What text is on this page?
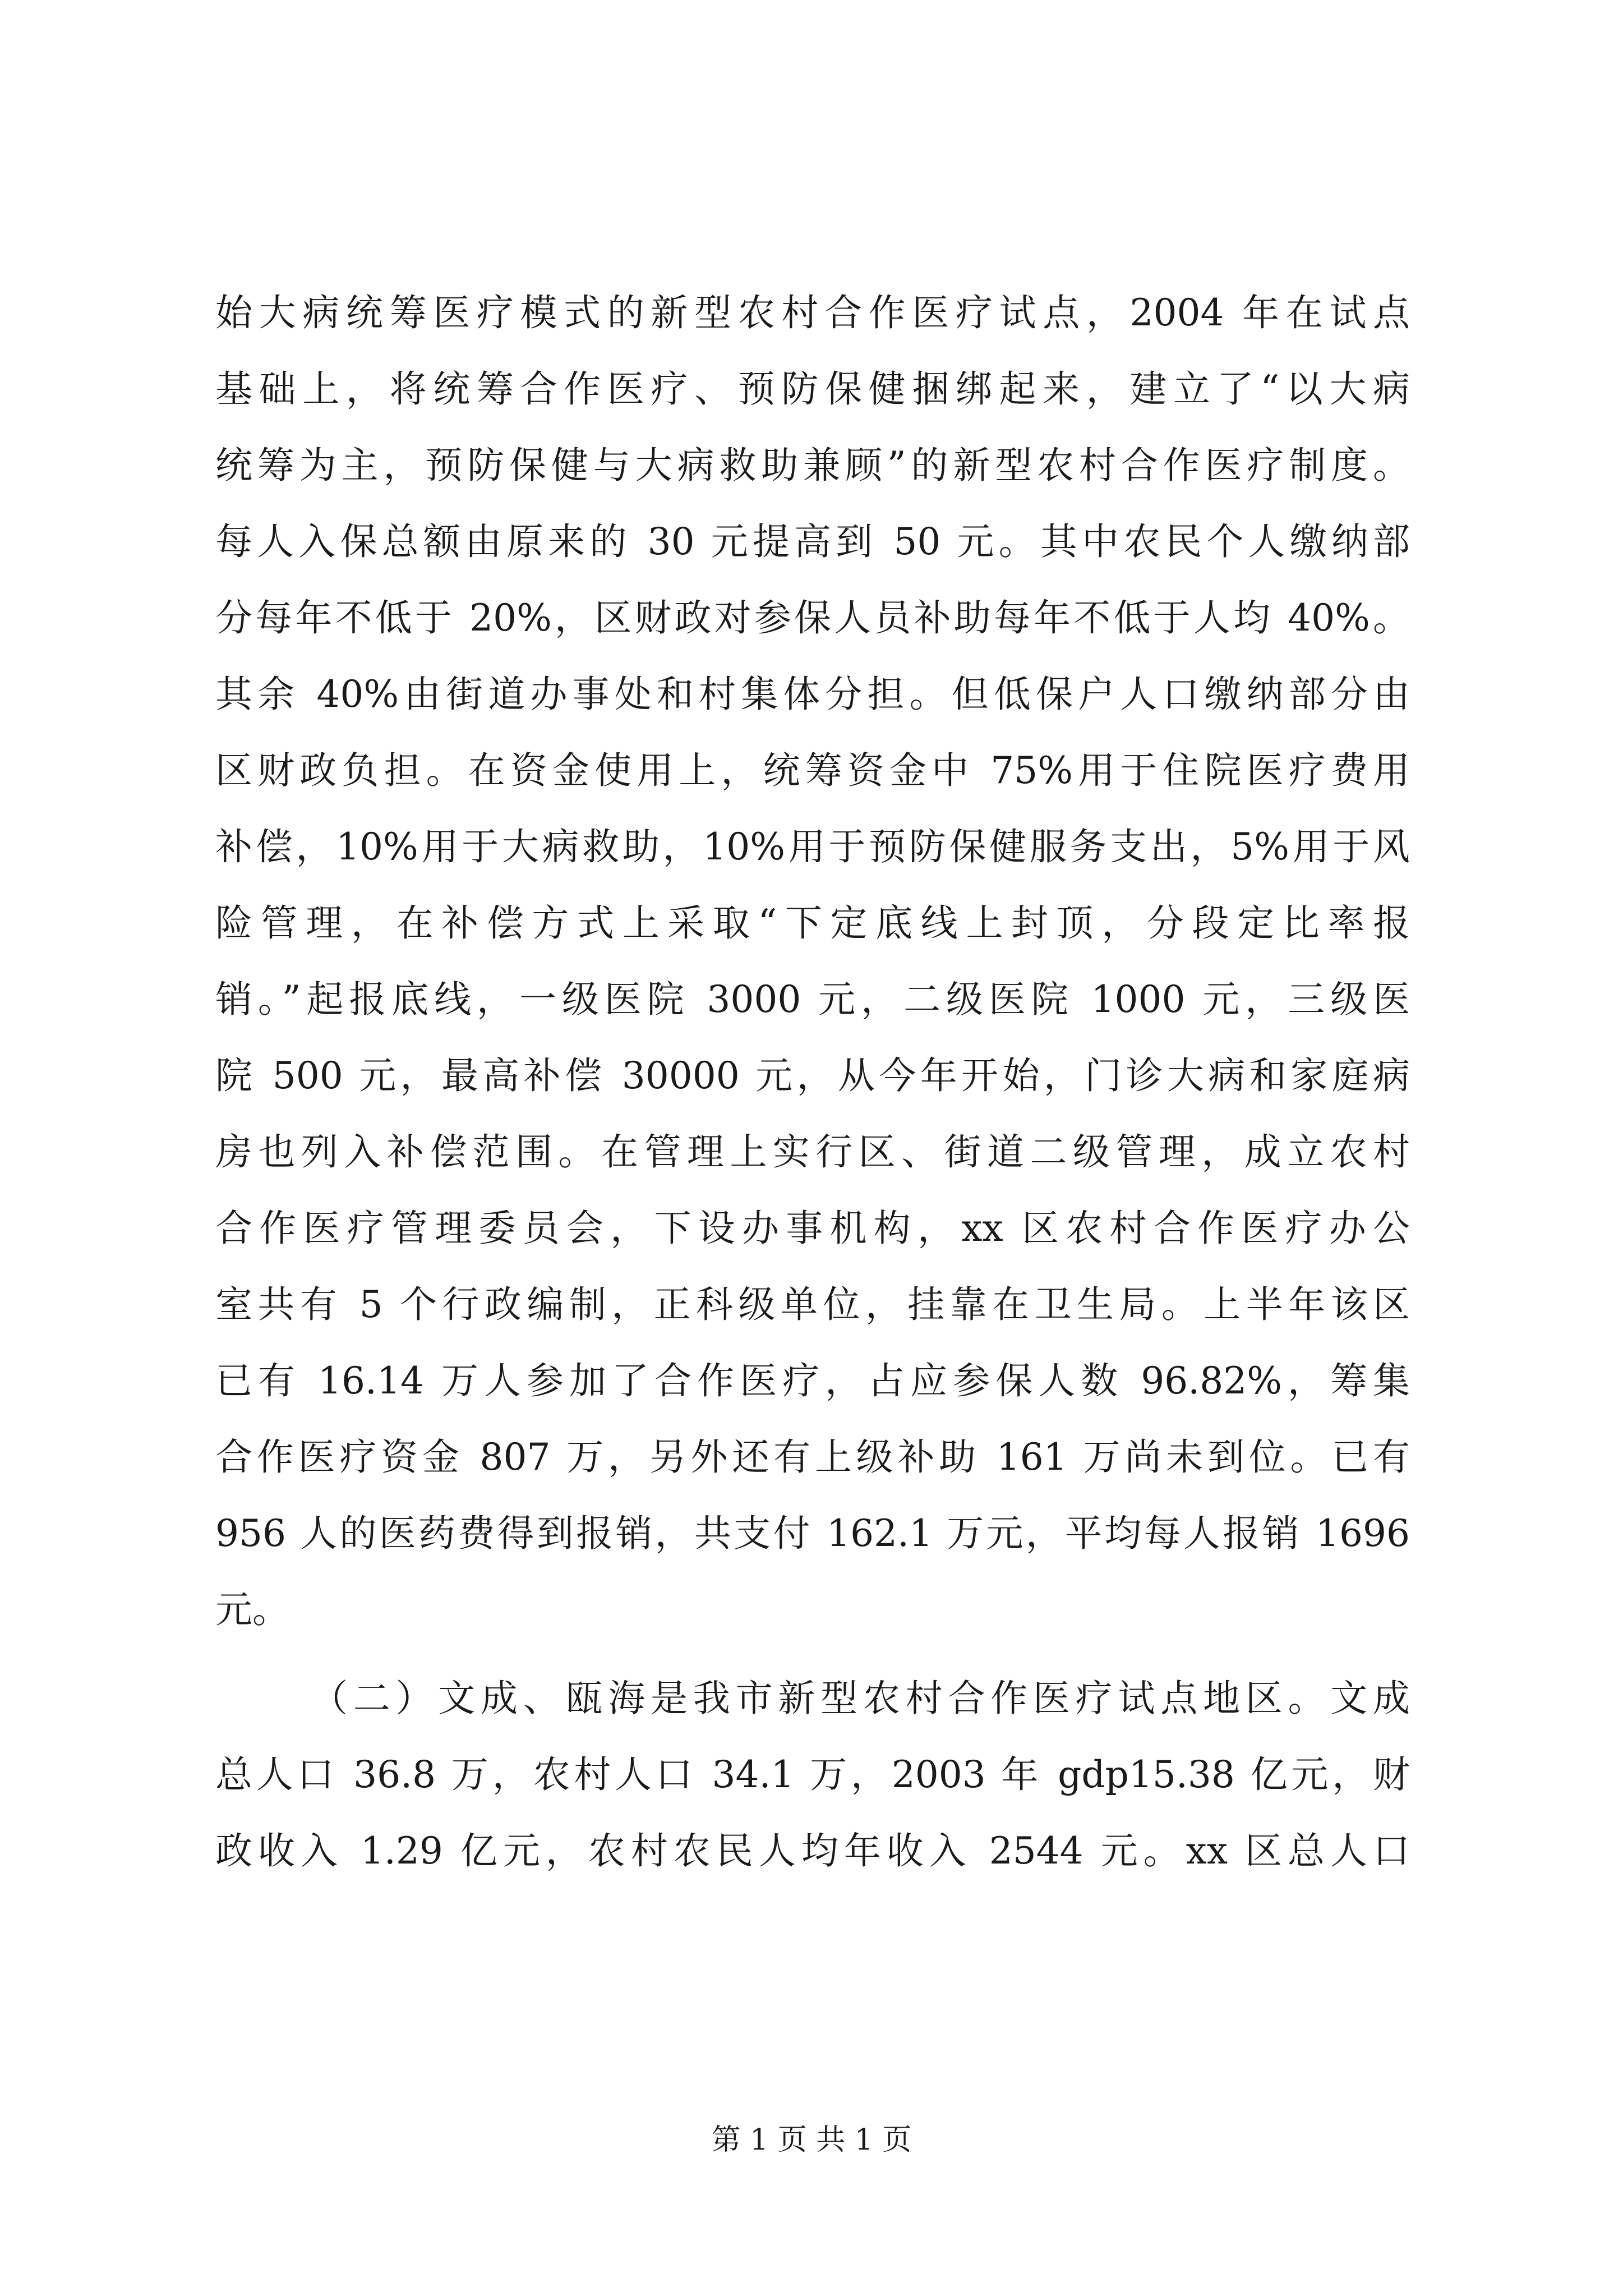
始大病统筹医疗模式的新型农村合作医疗试点，2004 年在试点
基础上，将统筹合作医疗、预防保健捆绑起来，建立了“以大病
统筹为主，预防保健与大病救助兼顾”的新型农村合作医疗制度。
每人入保总额由原来的 30 元提高到 50 元。其中农民个人缴纳部
分每年不低于 20%，区财政对参保人员补助每年不低于人均 40%。
其余 40%由街道办事处和村集体分担。但低保户人口缴纳部分由
区财政负担。在资金使用上，统筹资金中 75%用于住院医疗费用
补偿，10%用于大病救助，10%用于预防保健服务支出，5%用于风
险管理，在补偿方式上采取“下定底线上封顶，分段定比率报
销。”起报底线，一级医院 3000 元，二级医院 1000 元，三级医
院 500 元，最高补偿 30000 元，从今年开始，门诊大病和家庭病
房也列入补偿范围。在管理上实行区、街道二级管理，成立农村
合作医疗管理委员会，下设办事机构，xx 区农村合作医疗办公
室共有 5 个行政编制，正科级单位，挂靠在卫生局。上半年该区
已有 16.14 万人参加了合作医疗，占应参保人数 96.82%，筹集
合作医疗资金 807 万，另外还有上级补助 161 万尚未到位。已有
956 人的医药费得到报销，共支付 162.1 万元，平均每人报销 1696
元。
（二）文成、瓯海是我市新型农村合作医疗试点地区。文成
总人口 36.8 万，农村人口 34.1 万，2003 年 gdp15.38 亿元，财
政收入 1.29 亿元，农村农民人均年收入 2544 元。xx 区总人口
第 1 页 共 1 页
